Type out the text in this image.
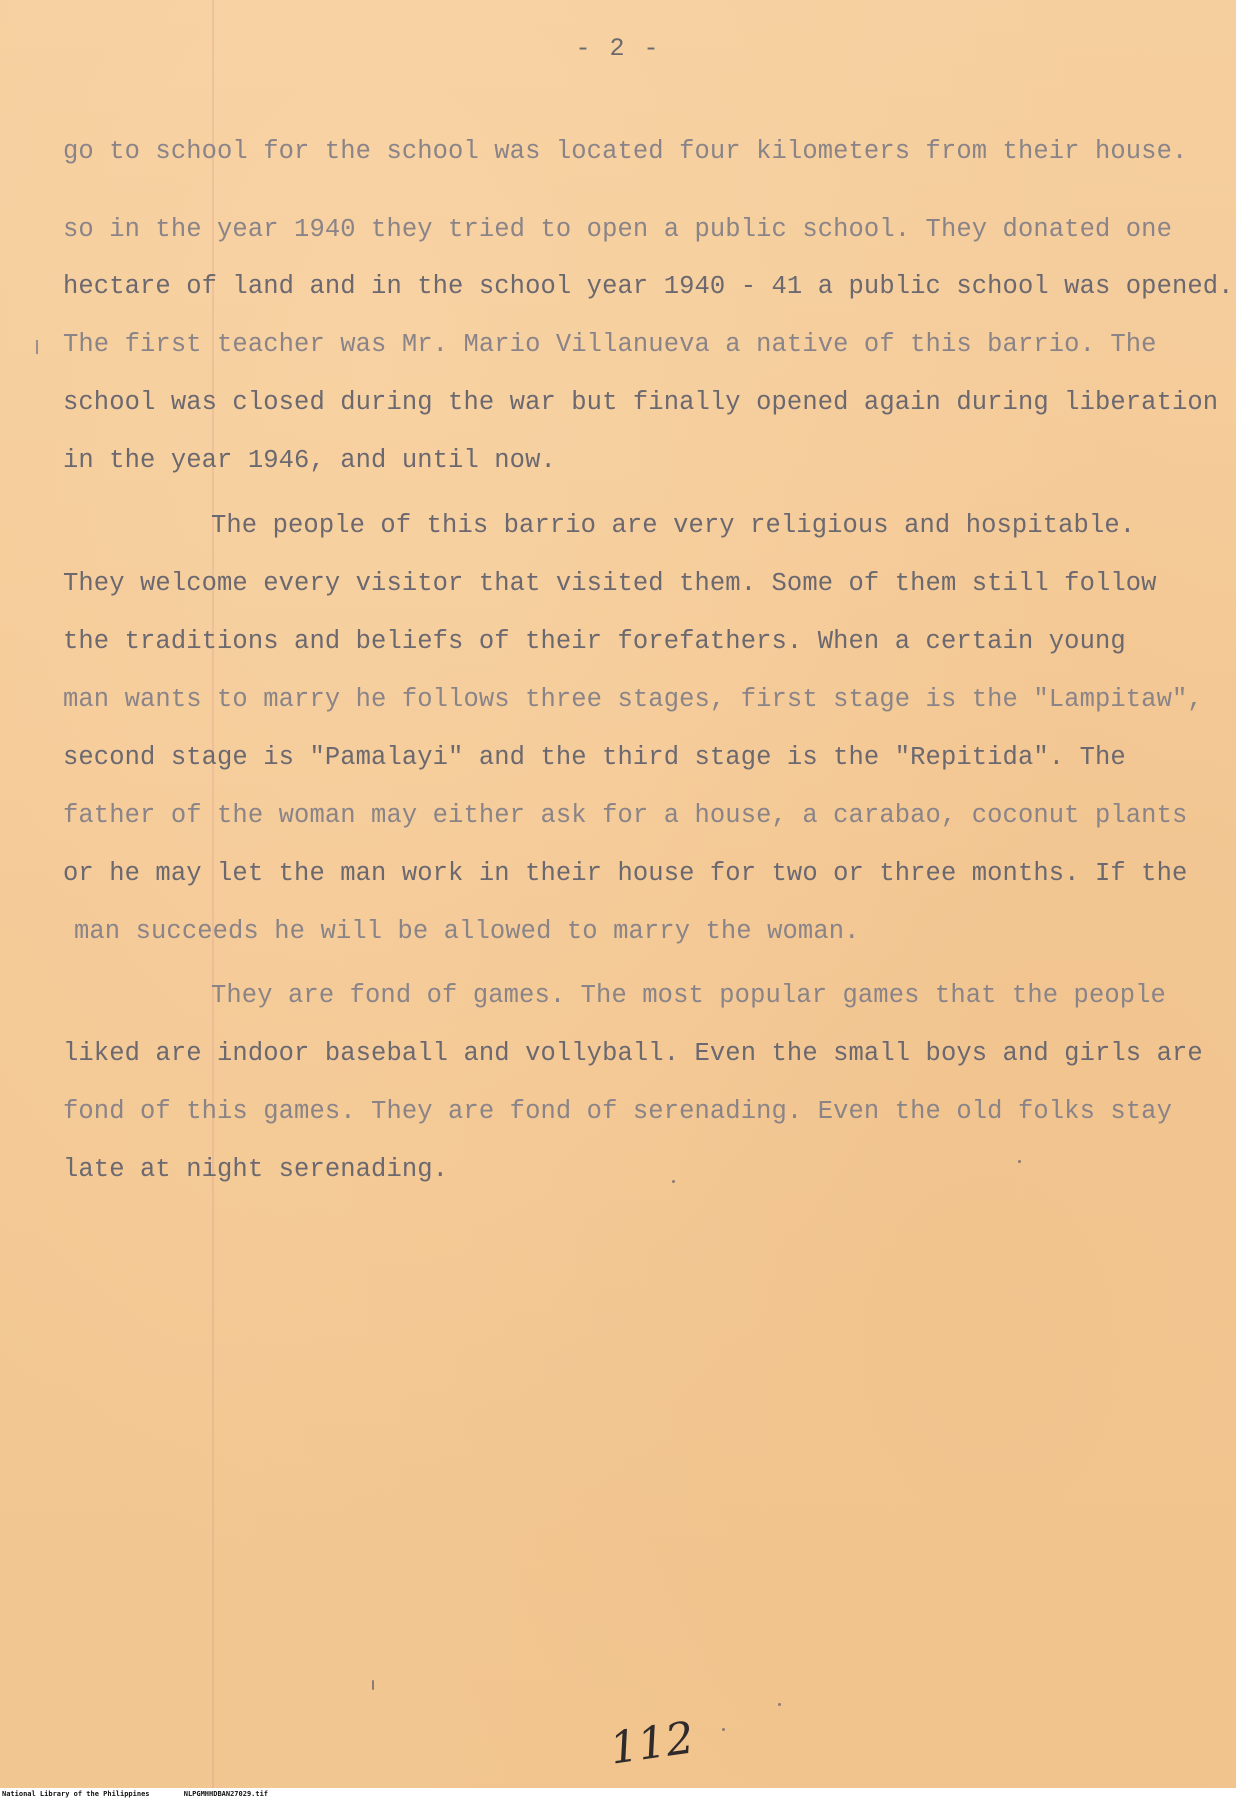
- 2 -
go to school for the school was located four kilometers from their house.
so in the year 1940 they tried to open a public school. They donated one
hectare of land and in the school year 1940 - 41 a public school was opened.
The first teacher was Mr. Mario Villanueva a native of this barrio. The
school was closed during the war but finally opened again during liberation
in the year 1946, and until now.
The people of this barrio are very religious and hospitable.
They welcome every visitor that visited them. Some of them still follow
the traditions and beliefs of their forefathers. When a certain young
man wants to marry he follows three stages, first stage is the "Lampitaw",
second stage is "Pamalayi" and the third stage is the "Repitida". The
father of the woman may either ask for a house, a carabao, coconut plants
or he may let the man work in their house for two or three months. If the
man succeeds he will be allowed to marry the woman.
They are fond of games. The most popular games that the people
liked are indoor baseball and vollyball. Even the small boys and girls are
fond of this games. They are fond of serenading. Even the old folks stay
late at night serenading.
112
National Library of the Philippines	NLPGMHHDBAN27029.tif
